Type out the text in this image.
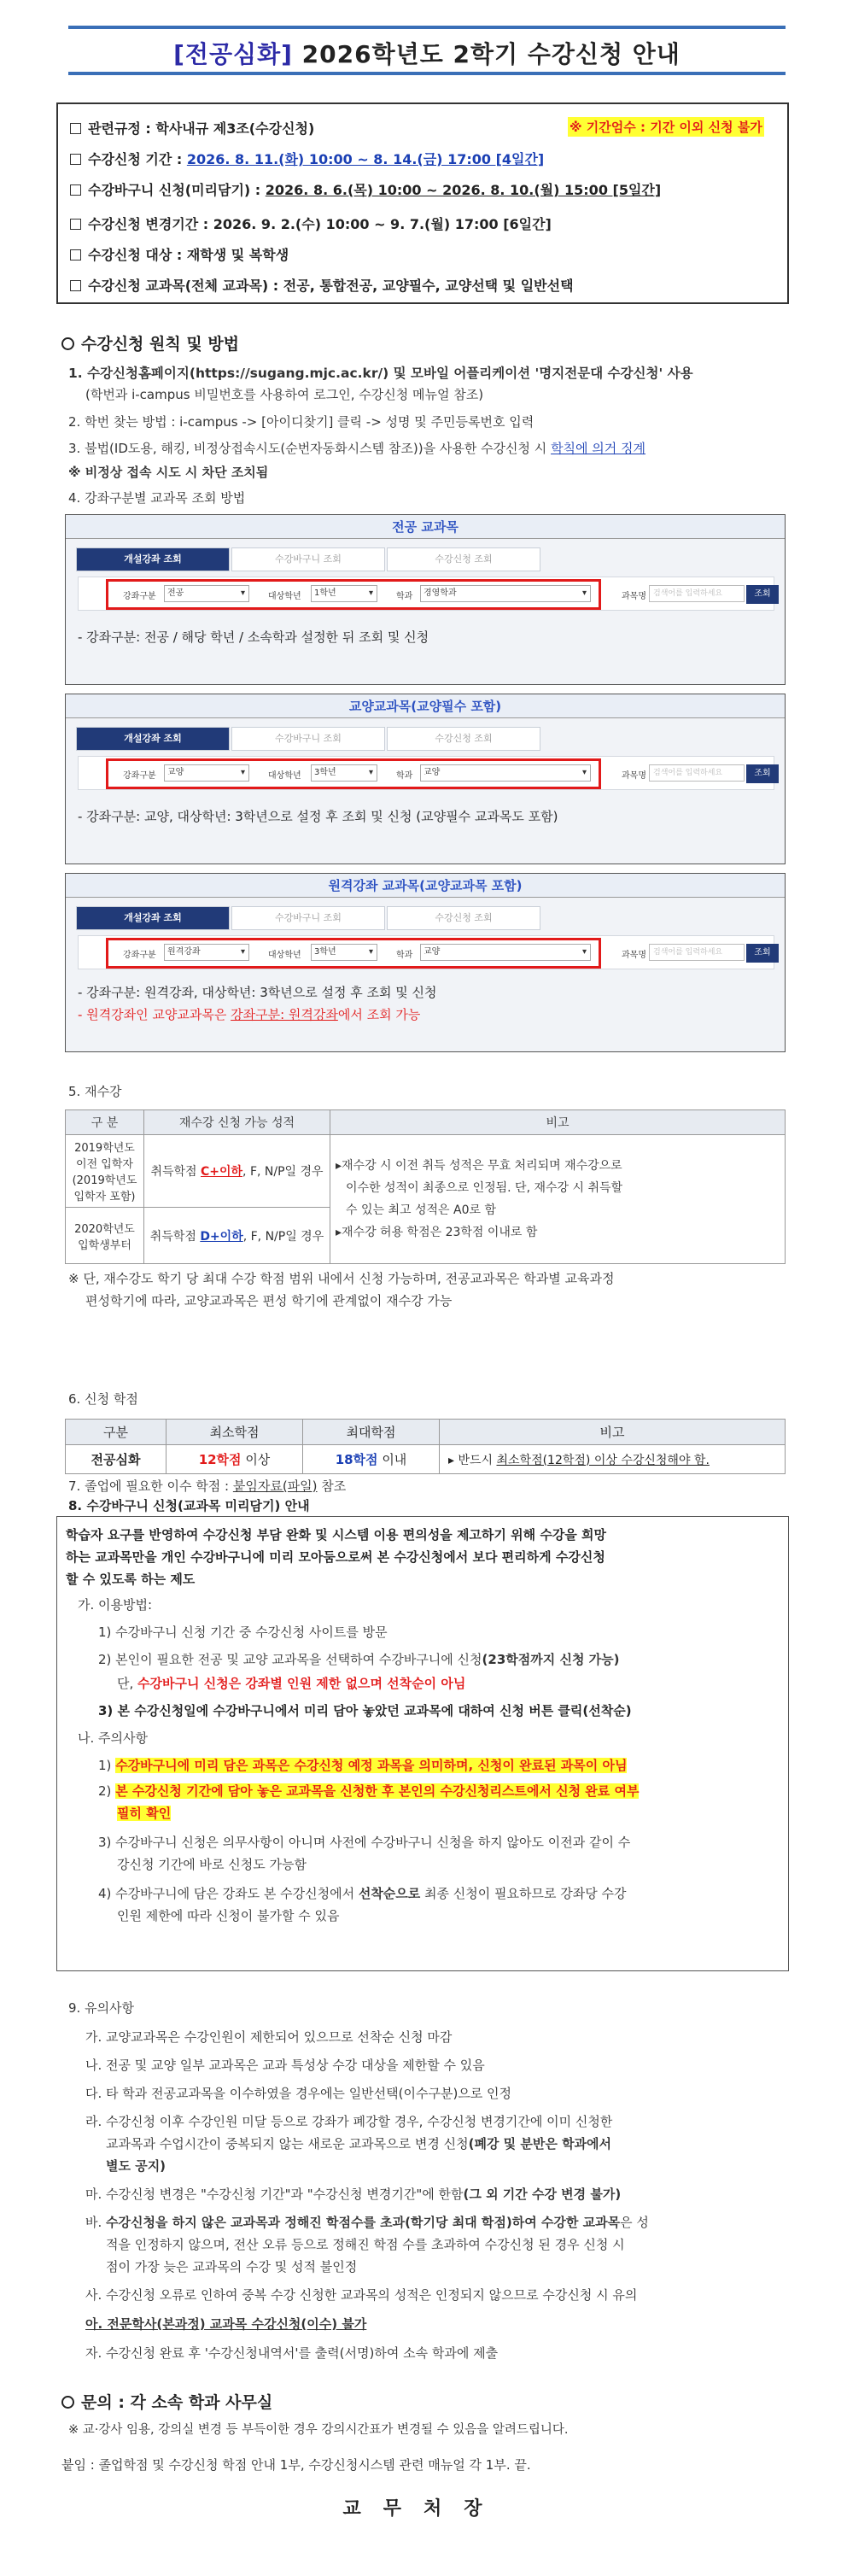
[전공심화] 2026학년도 2학기 수강신청 안내
관련규정 : 학사내규 제3조(수강신청)	※ 기간엄수 : 기간 이외 신청 불가
수강신청 기간 : 2026. 8. 11.(화) 10:00 ~ 8. 14.(금) 17:00 [4일간]
수강바구니 신청(미리담기) : 2026. 8. 6.(목) 10:00 ~ 2026. 8. 10.(월) 15:00 [5일간]
수강신청 변경기간 : 2026. 9. 2.(수) 10:00 ~ 9. 7.(월) 17:00 [6일간]
수강신청 대상 : 재학생 및 복학생
수강신청 교과목(전체 교과목) : 전공, 통합전공, 교양필수, 교양선택 및 일반선택
수강신청 원칙 및 방법
1. 수강신청홈페이지(https://sugang.mjc.ac.kr/) 및 모바일 어플리케이션 '명지전문대 수강신청' 사용
(학번과 i-campus 비밀번호를 사용하여 로그인, 수강신청 메뉴얼 참조)
2. 학번 찾는 방법 : i-campus -> [아이디찾기] 클릭 -> 성명 및 주민등록번호 입력
3. 불법(ID도용, 해킹, 비정상접속시도(순번자동화시스템 참조))을 사용한 수강신청 시 학칙에 의거 징계
※ 비정상 접속 시도 시 차단 조치됨
4. 강좌구분별 교과목 조회 방법
전공 교과목
개설강좌 조회	수강바구니 조회	수강신청 조회
강좌구분	전공 ▾	대상학년	1학년 ▾	학과	경영학과 ▾	과목명 검색어를 입력하세요	조회
- 강좌구분: 전공 / 해당 학년 / 소속학과 설정한 뒤 조회 및 신청
교양교과목(교양필수 포함)
개설강좌 조회	수강바구니 조회	수강신청 조회
강좌구분	교양 ▾	대상학년	3학년 ▾	학과	교양 ▾	과목명 검색어를 입력하세요	조회
- 강좌구분: 교양, 대상학년: 3학년으로 설정 후 조회 및 신청 (교양필수 교과목도 포함)
원격강좌 교과목(교양교과목 포함)
개설강좌 조회	수강바구니 조회	수강신청 조회
강좌구분	원격강좌 ▾	대상학년	3학년 ▾	학과	교양 ▾	과목명 검색어를 입력하세요	조회
- 강좌구분: 원격강좌, 대상학년: 3학년으로 설정 후 조회 및 신청
- 원격강좌인 교양교과목은 강좌구분: 원격강좌에서 조회 가능
5. 재수강
구 분	재수강 신청 가능 성적	비고
2019학년도 이전 입학자 (2019학년도 입학자 포함)	취득학점 C+이하, F, N/P일 경우	▸재수강 시 이전 취득 성적은 무효 처리되며 재수강으로
이수한 성적이 최종으로 인정됨. 단, 재수강 시 취득할
수 있는 최고 성적은 A0로 함
▸재수강 허용 학점은 23학점 이내로 함

2020학년도 입학생부터	취득학점 D+이하, F, N/P일 경우	
※ 단, 재수강도 학기 당 최대 수강 학점 범위 내에서 신청 가능하며, 전공교과목은 학과별 교육과정
편성학기에 따라, 교양교과목은 편성 학기에 관계없이 재수강 가능
6. 신청 학점
구분	최소학점	최대학점	비고
전공심화	12학점 이상	18학점 이내	▸ 반드시 최소학점(12학점) 이상 수강신청해야 함.
7. 졸업에 필요한 이수 학점 : 붙임자료(파일) 참조
8. 수강바구니 신청(교과목 미리담기) 안내
학습자 요구를 반영하여 수강신청 부담 완화 및 시스템 이용 편의성을 제고하기 위해 수강을 희망
하는 교과목만을 개인 수강바구니에 미리 모아둠으로써 본 수강신청에서 보다 편리하게 수강신청
할 수 있도록 하는 제도
가. 이용방법:
1) 수강바구니 신청 기간 중 수강신청 사이트를 방문
2) 본인이 필요한 전공 및 교양 교과목을 선택하여 수강바구니에 신청(23학점까지 신청 가능)
단, 수강바구니 신청은 강좌별 인원 제한 없으며 선착순이 아님
3) 본 수강신청일에 수강바구니에서 미리 담아 놓았던 교과목에 대하여 신청 버튼 클릭(선착순)
나. 주의사항
1) 수강바구니에 미리 담은 과목은 수강신청 예정 과목을 의미하며, 신청이 완료된 과목이 아님
2) 본 수강신청 기간에 담아 놓은 교과목을 신청한 후 본인의 수강신청리스트에서 신청 완료 여부
필히 확인
3) 수강바구니 신청은 의무사항이 아니며 사전에 수강바구니 신청을 하지 않아도 이전과 같이 수
강신청 기간에 바로 신청도 가능함
4) 수강바구니에 담은 강좌도 본 수강신청에서 선착순으로 최종 신청이 필요하므로 강좌당 수강
인원 제한에 따라 신청이 불가할 수 있음
9. 유의사항
가. 교양교과목은 수강인원이 제한되어 있으므로 선착순 신청 마감
나. 전공 및 교양 일부 교과목은 교과 특성상 수강 대상을 제한할 수 있음
다. 타 학과 전공교과목을 이수하였을 경우에는 일반선택(이수구분)으로 인정
라. 수강신청 이후 수강인원 미달 등으로 강좌가 폐강할 경우, 수강신청 변경기간에 이미 신청한
교과목과 수업시간이 중복되지 않는 새로운 교과목으로 변경 신청(폐강 및 분반은 학과에서
별도 공지)
마. 수강신청 변경은 "수강신청 기간"과 "수강신청 변경기간"에 한함(그 외 기간 수강 변경 불가)
바. 수강신청을 하지 않은 교과목과 정해진 학점수를 초과(학기당 최대 학점)하여 수강한 교과목은 성
적을 인정하지 않으며, 전산 오류 등으로 정해진 학점 수를 초과하여 수강신청 된 경우 신청 시
점이 가장 늦은 교과목의 수강 및 성적 불인정
사. 수강신청 오류로 인하여 중복 수강 신청한 교과목의 성적은 인정되지 않으므로 수강신청 시 유의
아. 전문학사(본과정) 교과목 수강신청(이수) 불가
자. 수강신청 완료 후 '수강신청내역서'를 출력(서명)하여 소속 학과에 제출
문의 : 각 소속 학과 사무실
※ 교·강사 임용, 강의실 변경 등 부득이한 경우 강의시간표가 변경될 수 있음을 알려드립니다.
붙임 : 졸업학점 및 수강신청 학점 안내 1부, 수강신청시스템 관련 매뉴얼 각 1부. 끝.
교무처장
